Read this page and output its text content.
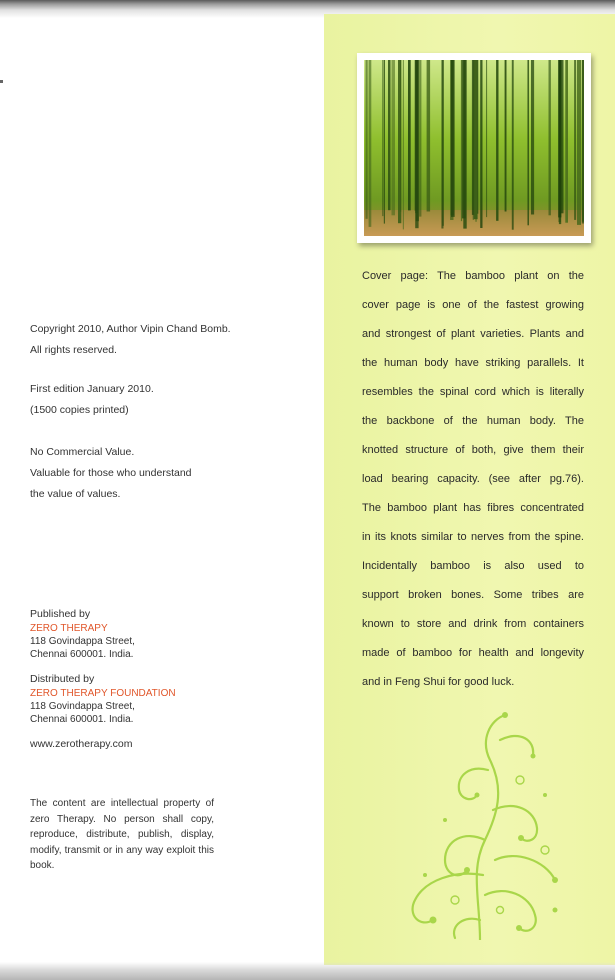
Copyright 2010, Author Vipin Chand Bomb.
All rights reserved.
First edition January 2010.
(1500 copies printed)
No Commercial Value.
Valuable for those who understand
the value of values.
Published by
ZERO THERAPY
118 Govindappa Street,
Chennai 600001. India.
Distributed by
ZERO THERAPY FOUNDATION
118 Govindappa Street,
Chennai 600001. India.
www.zerotherapy.com
The content are intellectual property of zero Therapy. No person shall copy, reproduce, distribute, publish, display, modify, transmit or in any way exploit this book.
Cover page: The bamboo plant on the
cover page is one of the fastest growing
and strongest of plant varieties. Plants and
the human body have striking parallels. It
resembles the spinal cord which is literally
the backbone of the human body. The
knotted structure of both, give them their
load bearing capacity. (see after pg.76).
The bamboo plant has fibres concentrated
in its knots similar to nerves from the spine.
Incidentally bamboo is also used to
support broken bones. Some tribes are
known to store and drink from containers
made of bamboo for health and longevity
and in Feng Shui for good luck.
